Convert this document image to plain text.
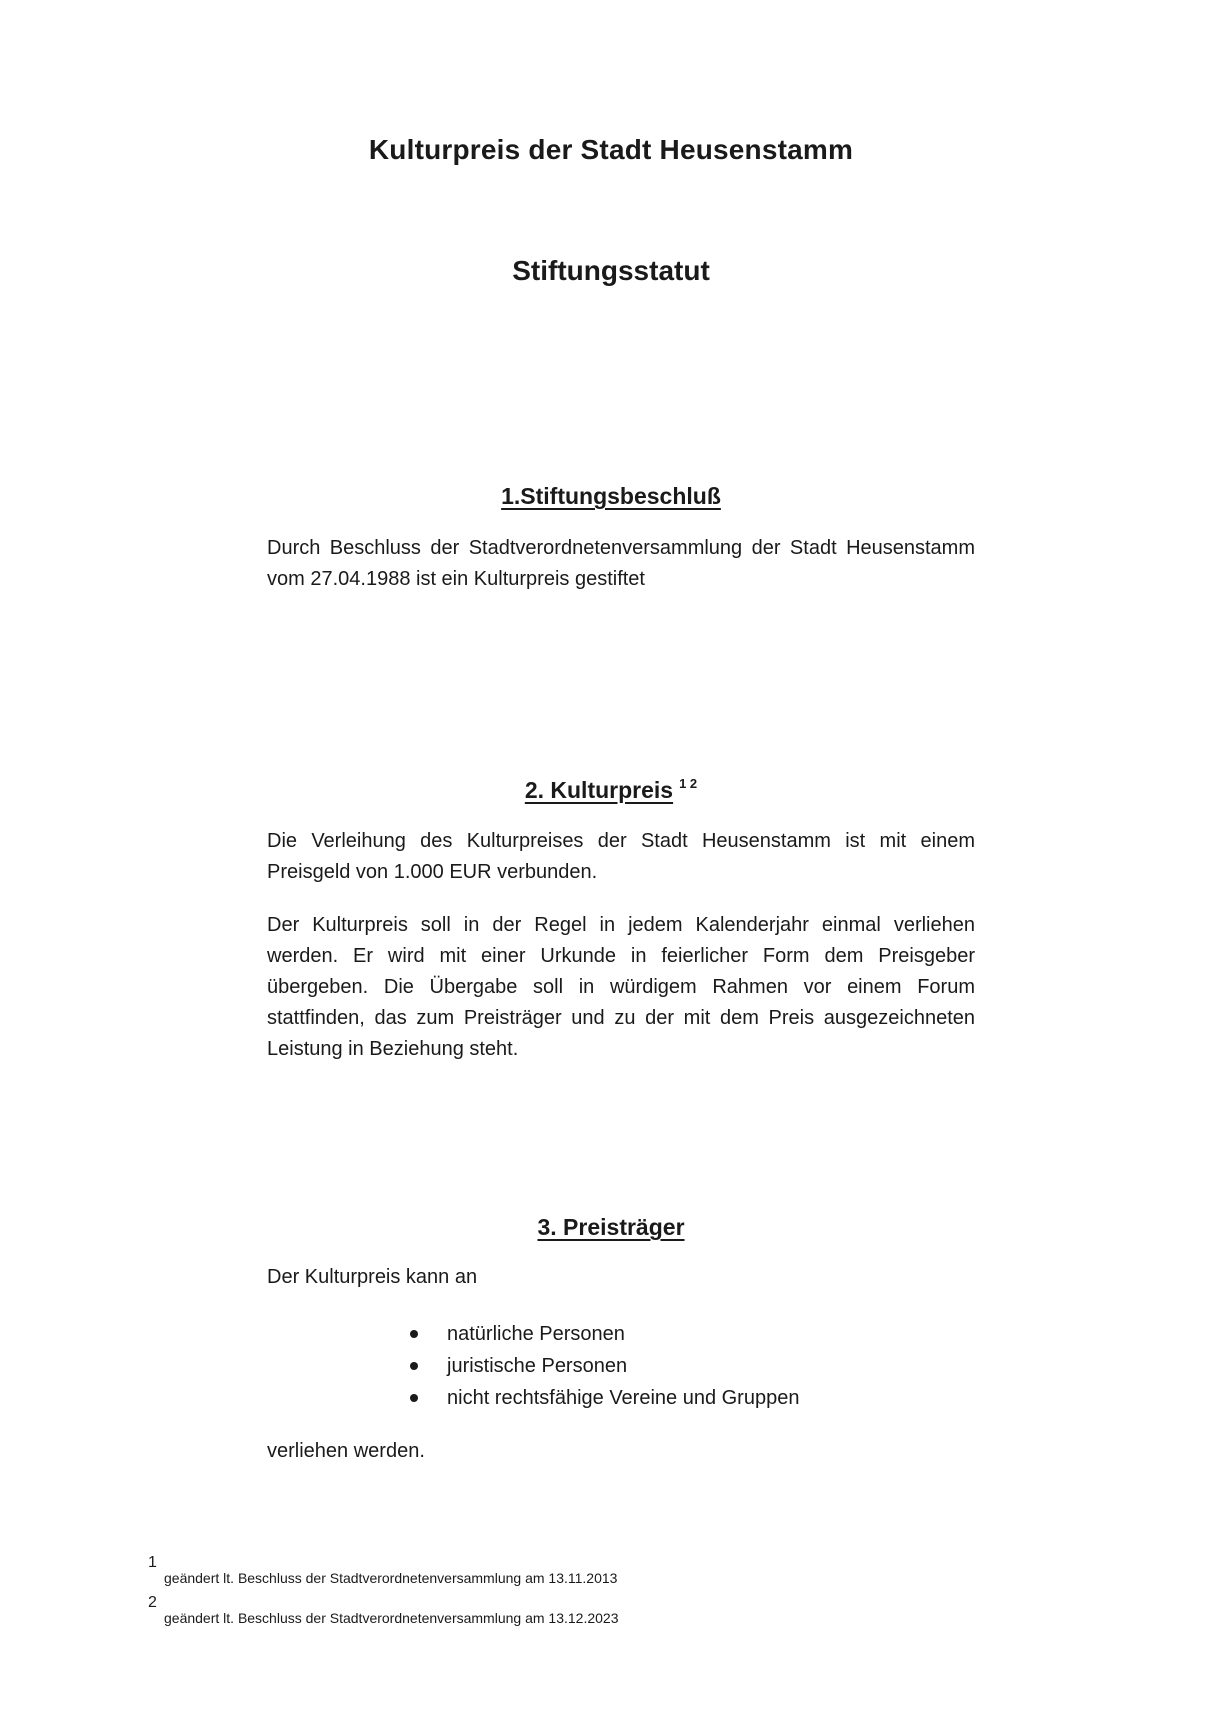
Kulturpreis der Stadt Heusenstamm
Stiftungsstatut
1.Stiftungsbeschluß

Durch Beschluss der Stadtverordnetenversammlung der Stadt Heusenstamm vom 27.04.1988 ist ein Kulturpreis gestiftet

2. Kulturpreis $^{1 2}$

Die Verleihung des Kulturpreises der Stadt Heusenstamm ist mit einem Preisgeld von 1.000 EUR verbunden.

Der Kulturpreis soll in der Regel in jedem Kalenderjahr einmal verliehen werden. Er wird mit einer Urkunde in feierlicher Form dem Preisgeber übergeben. Die Übergabe soll in würdigem Rahmen vor einem Forum stattfinden, das zum Preisträger und zu der mit dem Preis ausgezeichneten Leistung in Beziehung steht.

3. Preisträger

Der Kulturpreis kann an

natürliche Personen
juristische Personen
nicht rechtsfähige Vereine und Gruppen

verliehen werden.

1
geändert lt. Beschluss der Stadtverordnetenversammlung am 13.11.2013
2
geändert lt. Beschluss der Stadtverordnetenversammlung am 13.12.2023
